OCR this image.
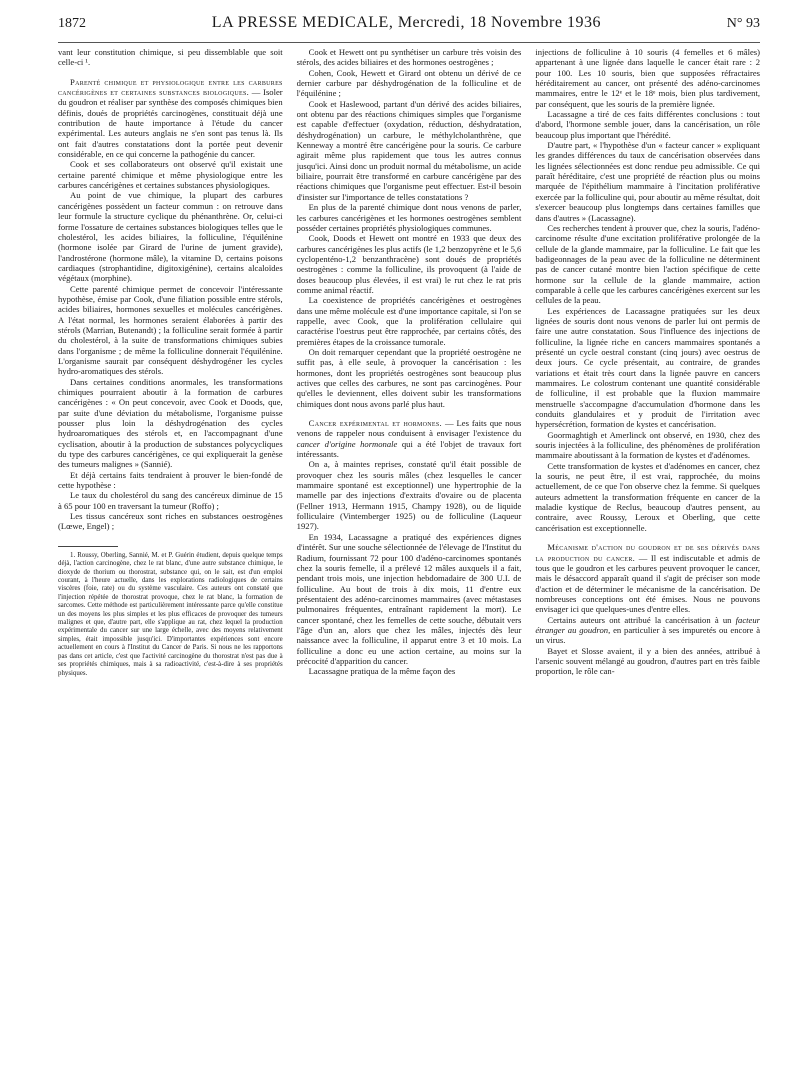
1872	LA PRESSE MEDICALE, Mercredi, 18 Novembre 1936	N° 93

vant leur constitution chimique, si peu dissemblable que soit celle-ci ¹.

Parenté chimique et physiologique entre les carbures cancérigènes et certaines substances biologiques. — Isoler du goudron et réaliser par synthèse des composés chimiques bien définis, doués de propriétés carcinogènes, constituait déjà une contribution de haute importance à l'étude du cancer expérimental. Les auteurs anglais ne s'en sont pas tenus là. Ils ont fait d'autres constatations dont la portée peut devenir considérable, en ce qui concerne la pathogénie du cancer.

Cook et ses collaborateurs ont observé qu'il existait une certaine parenté chimique et même physiologique entre les carbures cancérigènes et certaines substances physiologiques.

Au point de vue chimique, la plupart des carbures cancérigènes possèdent un facteur commun : on retrouve dans leur formule la structure cyclique du phénanthrène. Or, celui-ci forme l'ossature de certaines substances biologiques telles que le cholestérol, les acides biliaires, la folliculine, l'équilénine (hormone isolée par Girard de l'urine de jument gravide), l'androstérone (hormone mâle), la vitamine D, certains poisons cardiaques (strophantidine, digitoxigénine), certains alcaloïdes végétaux (morphine).

Cette parenté chimique permet de concevoir l'intéressante hypothèse, émise par Cook, d'une filiation possible entre stérols, acides biliaires, hormones sexuelles et molécules cancérigènes. A l'état normal, les hormones seraient élaborées à partir des stérols (Marrian, Butenandt) ; la folliculine serait formée à partir du cholestérol, à la suite de transformations chimiques subies dans l'organisme ; de même la folliculine donnerait l'équilénine. L'organisme saurait par conséquent déshydrogéner les cycles hydro-aromatiques des stérols.

Dans certaines conditions anormales, les transformations chimiques pourraient aboutir à la formation de carbures cancérigènes : « On peut concevoir, avec Cook et Doods, que, par suite d'une déviation du métabolisme, l'organisme puisse pousser plus loin la déshydrogénation des cycles hydroaromatiques des stérols et, en l'accompagnant d'une cyclisation, aboutir à la production de substances polycycliques du type des carbures cancérigènes, ce qui expliquerait la genèse des tumeurs malignes » (Sannié).

Et déjà certains faits tendraient à prouver le bien-fondé de cette hypothèse :

Le taux du cholestérol du sang des cancéreux diminue de 15 à 65 pour 100 en traversant la tumeur (Roffo) ;

Les tissus cancéreux sont riches en substances oestrogènes (Lœwe, Engel) ;

1. Roussy, Oberling, Sannié, M. et P. Guérin étudient, depuis quelque temps déjà, l'action carcinogène, chez le rat blanc, d'une autre substance chimique, le dioxyde de thorium ou thorostrat, substance qui, on le sait, est d'un emploi courant, à l'heure actuelle, dans les explorations radiologiques de certains viscères (foie, rate) ou du système vasculaire. Ces auteurs ont constaté que l'injection répétée de thorostrat provoque, chez le rat blanc, la formation de sarcomes. Cette méthode est particulièrement intéressante parce qu'elle constitue un des moyens les plus simples et les plus efficaces de provoquer des tumeurs malignes et que, d'autre part, elle s'applique au rat, chez lequel la production expérimentale du cancer sur une large échelle, avec des moyens relativement simples, était impossible jusqu'ici. D'importantes expériences sont encore actuellement en cours à l'Institut du Cancer de Paris. Si nous ne les rapportons pas dans cet article, c'est que l'activité carcinogène du thorostrat n'est pas due à ses propriétés chimiques, mais à sa radioactivité, c'est-à-dire à ses propriétés physiques.

Cook et Hewett ont pu synthétiser un carbure très voisin des stérols, des acides biliaires et des hormones oestrogènes ;

Cohen, Cook, Hewett et Girard ont obtenu un dérivé de ce dernier carbure par déshydrogénation de la folliculine et de l'équilénine ;

Cook et Haslewood, partant d'un dérivé des acides biliaires, ont obtenu par des réactions chimiques simples que l'organisme est capable d'effectuer (oxydation, réduction, déshydratation, déshydrogénation) un carbure, le méthylcholanthrène, que Kenneway a montré être cancérigène pour la souris. Ce carbure agirait même plus rapidement que tous les autres connus jusqu'ici. Ainsi donc un produit normal du métabolisme, un acide biliaire, pourrait être transformé en carbure cancérigène par des réactions chimiques que l'organisme peut effectuer. Est-il besoin d'insister sur l'importance de telles constatations ?

En plus de la parenté chimique dont nous venons de parler, les carbures cancérigènes et les hormones oestrogènes semblent posséder certaines propriétés physiologiques communes.

Cook, Doods et Hewett ont montré en 1933 que deux des carbures cancérigènes les plus actifs (le 1,2 benzopyrène et le 5,6 cyclopenténo-1,2 benzanthracène) sont doués de propriétés oestrogènes : comme la folliculine, ils provoquent (à l'aide de doses beaucoup plus élevées, il est vrai) le rut chez le rat pris comme animal réactif.

La coexistence de propriétés cancérigènes et oestrogènes dans une même molécule est d'une importance capitale, si l'on se rappelle, avec Cook, que la prolifération cellulaire qui caractérise l'oestrus peut être rapprochée, par certains côtés, des premières étapes de la croissance tumorale.

On doit remarquer cependant que la propriété oestrogène ne suffit pas, à elle seule, à provoquer la cancérisation : les hormones, dont les propriétés oestrogènes sont beaucoup plus actives que celles des carbures, ne sont pas carcinogènes. Pour qu'elles le deviennent, elles doivent subir les transformations chimiques dont nous avons parlé plus haut.

Cancer expérimental et hormones. — Les faits que nous venons de rappeler nous conduisent à envisager l'existence du cancer d'origine hormonale qui a été l'objet de travaux fort intéressants.

On a, à maintes reprises, constaté qu'il était possible de provoquer chez les souris mâles (chez lesquelles le cancer mammaire spontané est exceptionnel) une hypertrophie de la mamelle par des injections d'extraits d'ovaire ou de placenta (Fellner 1913, Hermann 1915, Champy 1928), ou de liquide folliculaire (Vintemberger 1925) ou de folliculine (Laqueur 1927).

En 1934, Lacassagne a pratiqué des expériences dignes d'intérêt. Sur une souche sélectionnée de l'élevage de l'Institut du Radium, fournissant 72 pour 100 d'adéno-carcinomes spontanés chez la souris femelle, il a prélevé 12 mâles auxquels il a fait, pendant trois mois, une injection hebdomadaire de 300 U.I. de folliculine. Au bout de trois à dix mois, 11 d'entre eux présentaient des adéno-carcinomes mammaires (avec métastases pulmonaires fréquentes, entraînant rapidement la mort). Le cancer spontané, chez les femelles de cette souche, débutait vers l'âge d'un an, alors que chez les mâles, injectés dès leur naissance avec la folliculine, il apparut entre 3 et 10 mois. La folliculine a donc eu une action certaine, au moins sur la précocité d'apparition du cancer.

Lacassagne pratiqua de la même façon des

injections de folliculine à 10 souris (4 femelles et 6 mâles) appartenant à une lignée dans laquelle le cancer était rare : 2 pour 100. Les 10 souris, bien que supposées réfractaires héréditairement au cancer, ont présenté des adéno-carcinomes mammaires, entre le 12ᵉ et le 18ᵉ mois, bien plus tardivement, par conséquent, que les souris de la première lignée.

Lacassagne a tiré de ces faits différentes conclusions : tout d'abord, l'hormone semble jouer, dans la cancérisation, un rôle beaucoup plus important que l'hérédité.

D'autre part, « l'hypothèse d'un « facteur cancer » expliquant les grandes différences du taux de cancérisation observées dans les lignées sélectionnées est donc rendue peu admissible. Ce qui paraît héréditaire, c'est une propriété de réaction plus ou moins marquée de l'épithélium mammaire à l'incitation proliférative exercée par la folliculine qui, pour aboutir au même résultat, doit s'exercer beaucoup plus longtemps dans certaines familles que dans d'autres » (Lacassagne).

Ces recherches tendent à prouver que, chez la souris, l'adéno-carcinome résulte d'une excitation proliférative prolongée de la cellule de la glande mammaire, par la folliculine. Le fait que les badigeonnages de la peau avec de la folliculine ne déterminent pas de cancer cutané montre bien l'action spécifique de cette hormone sur la cellule de la glande mammaire, action comparable à celle que les carbures cancérigènes exercent sur les cellules de la peau.

Les expériences de Lacassagne pratiquées sur les deux lignées de souris dont nous venons de parler lui ont permis de faire une autre constatation. Sous l'influence des injections de folliculine, la lignée riche en cancers mammaires spontanés a présenté un cycle oestral constant (cinq jours) avec oestrus de deux jours. Ce cycle présentait, au contraire, de grandes variations et était très court dans la lignée pauvre en cancers mammaires. Le colostrum contenant une quantité considérable de folliculine, il est probable que la fluxion mammaire menstruelle s'accompagne d'accumulation d'hormone dans les conduits glandulaires et y produit de l'irritation avec hypersécrétion, formation de kystes et cancérisation.

Goormaghtigh et Amerlinck ont observé, en 1930, chez des souris injectées à la folliculine, des phénomènes de prolifération mammaire aboutissant à la formation de kystes et d'adénomes.

Cette transformation de kystes et d'adénomes en cancer, chez la souris, ne peut être, il est vrai, rapprochée, du moins actuellement, de ce que l'on observe chez la femme. Si quelques auteurs admettent la transformation fréquente en cancer de la maladie kystique de Reclus, beaucoup d'autres pensent, au contraire, avec Roussy, Leroux et Oberling, que cette cancérisation est exceptionnelle.

Mécanisme d'action du goudron et de ses dérivés dans la production du cancer. — Il est indiscutable et admis de tous que le goudron et les carbures peuvent provoquer le cancer, mais le désaccord apparaît quand il s'agit de préciser son mode d'action et de déterminer le mécanisme de la cancérisation. De nombreuses conceptions ont été émises. Nous ne pouvons envisager ici que quelques-unes d'entre elles.

Certains auteurs ont attribué la cancérisation à un facteur étranger au goudron, en particulier à ses impuretés ou encore à un virus.

Bayet et Slosse avaient, il y a bien des années, attribué à l'arsenic souvent mélangé au goudron, d'autres part en très faible proportion, le rôle can-
